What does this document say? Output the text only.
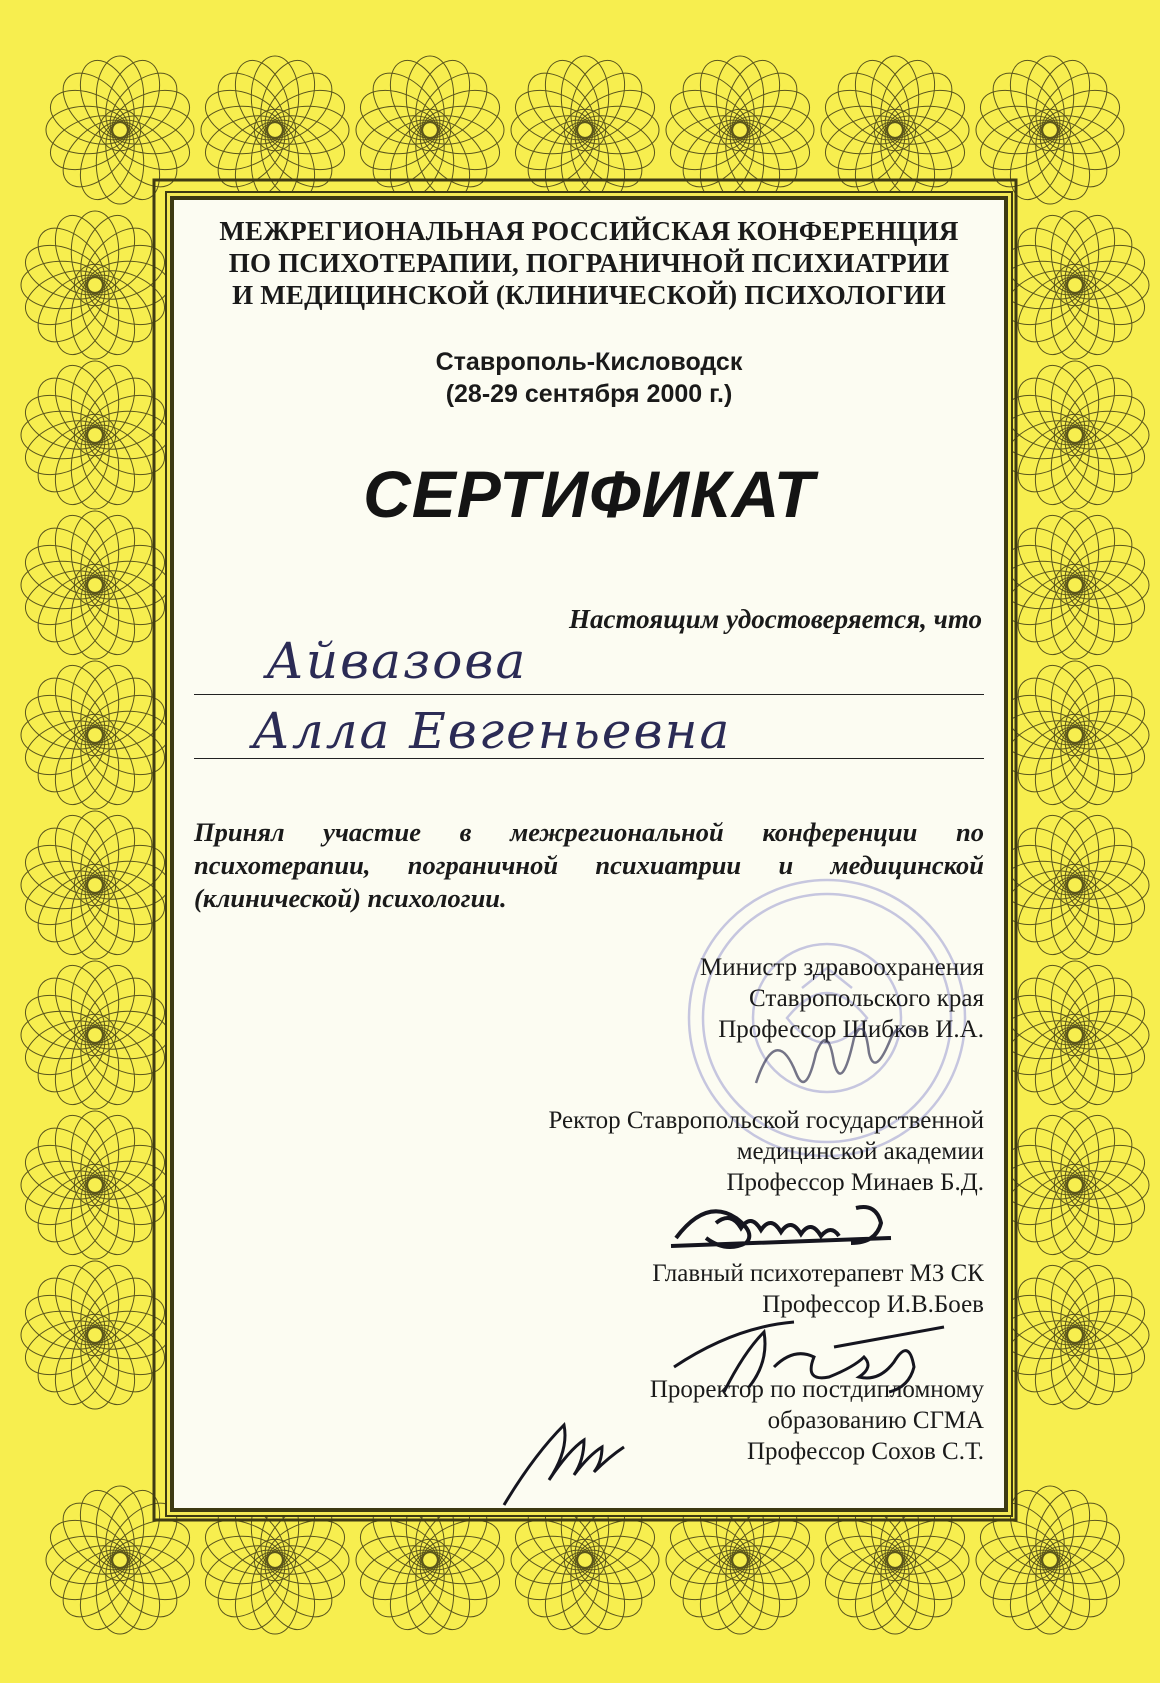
МЕЖРЕГИОНАЛЬНАЯ РОССИЙСКАЯ КОНФЕРЕНЦИЯ

ПО ПСИХОТЕРАПИИ, ПОГРАНИЧНОЙ ПСИХИАТРИИ

И МЕДИЦИНСКОЙ (КЛИНИЧЕСКОЙ) ПСИХОЛОГИИ

Ставрополь-Кисловодск

(28-29 сентября 2000 г.)

СЕРТИФИКАТ

Настоящим удостоверяется, что

Айвазова
Алла Евгеньевна

Принял участие в межрегиональной конференции по психотерапии, пограничной психиатрии и медицинской (клинической) психологии.

Министр здравоохранения
Ставропольского края
Профессор Шибков И.А.
Ректор Ставропольской государственной
медицинской академии
Профессор Минаев Б.Д.
Главный психотерапевт МЗ СК
Профессор И.В.Боев
Проректор по постдипломному
образованию СГМА
Профессор Сохов С.Т.
